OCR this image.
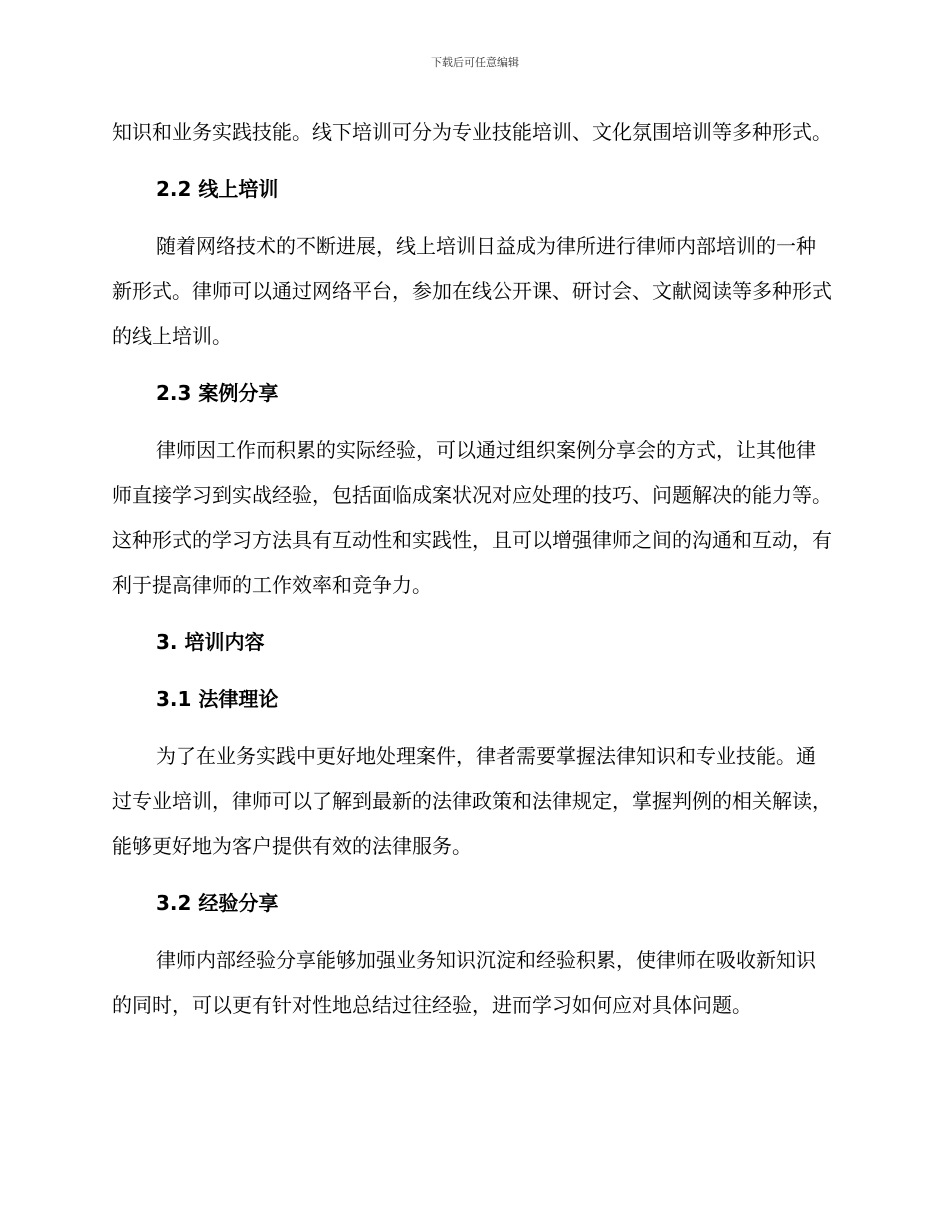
下载后可任意编辑

知识和业务实践技能。线下培训可分为专业技能培训、文化氛围培训等多种形式。

2.2 线上培训

随着网络技术的不断进展，线上培训日益成为律所进行律师内部培训的一种新形式。律师可以通过网络平台，参加在线公开课、研讨会、文献阅读等多种形式的线上培训。

2.3 案例分享

律师因工作而积累的实际经验，可以通过组织案例分享会的方式，让其他律师直接学习到实战经验，包括面临成案状况对应处理的技巧、问题解决的能力等。这种形式的学习方法具有互动性和实践性，且可以增强律师之间的沟通和互动，有利于提高律师的工作效率和竞争力。

3. 培训内容
3.1 法律理论

为了在业务实践中更好地处理案件，律者需要掌握法律知识和专业技能。通过专业培训，律师可以了解到最新的法律政策和法律规定，掌握判例的相关解读，能够更好地为客户提供有效的法律服务。

3.2 经验分享

律师内部经验分享能够加强业务知识沉淀和经验积累，使律师在吸收新知识的同时，可以更有针对性地总结过往经验，进而学习如何应对具体问题。
